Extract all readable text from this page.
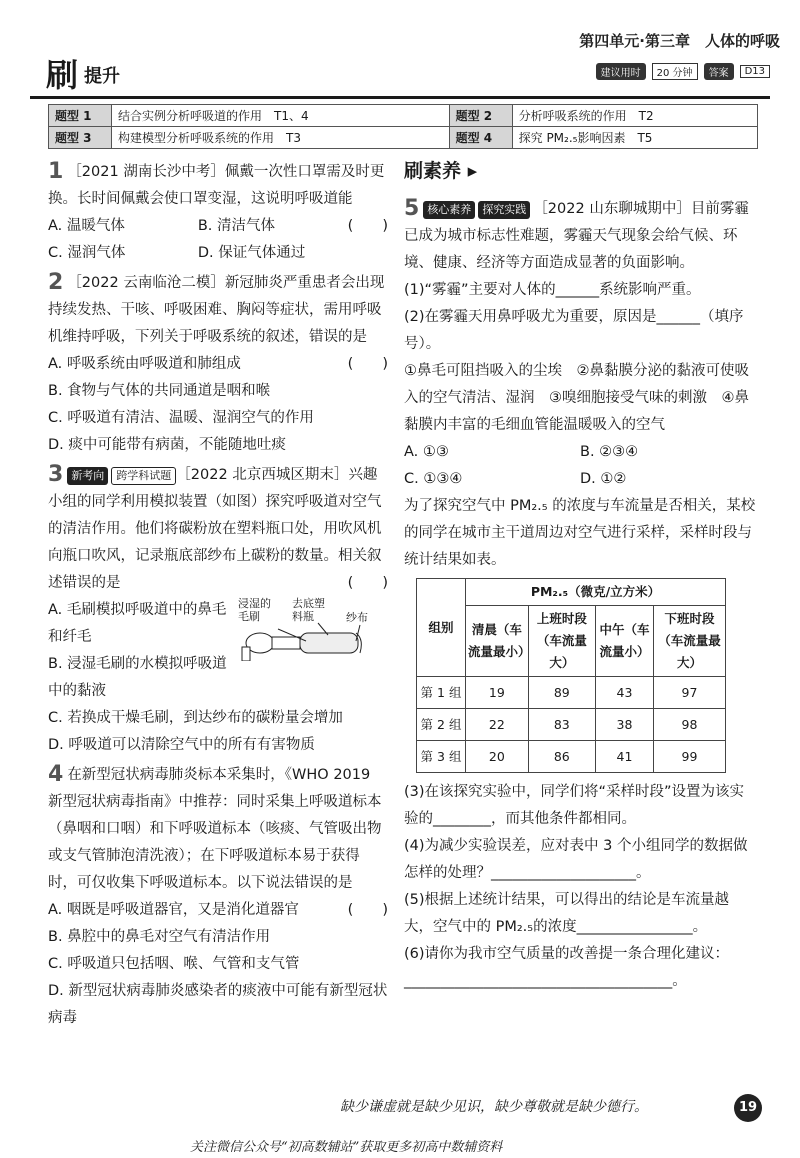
第四单元·第三章　人体的呼吸
刷 提升	建议用时	20 分钟	答案	D13
题型 1	结合实例分析呼吸道的作用　T1、4	题型 2	分析呼吸系统的作用　T2
题型 3	构建模型分析呼吸系统的作用　T3	题型 4	探究 PM₂.₅影响因素　T5

1 ［2021 湖南长沙中考］佩戴一次性口罩需及时更换。长时间佩戴会使口罩变湿，这说明呼吸道能
(　　)

A. 温暖气体	B. 清洁气体
C. 湿润气体	D. 保证气体通过

2 ［2022 云南临沧二模］新冠肺炎严重患者会出现持续发热、干咳、呼吸困难、胸闷等症状，需用呼吸机维持呼吸，下列关于呼吸系统的叙述，错误的是
(　　)

A. 呼吸系统由呼吸道和肺组成

B. 食物与气体的共同通道是咽和喉

C. 呼吸道有清洁、温暖、湿润空气的作用

D. 痰中可能带有病菌，不能随地吐痰

3 新考向 跨学科试题 ［2022 北京西城区期末］兴趣小组的同学利用模拟装置（如图）探究呼吸道对空气的清洁作用。他们将碳粉放在塑料瓶口处，用吹风机向瓶口吹风，记录瓶底部纱布上碳粉的数量。相关叙述错误的是	(　　)

A. 毛刷模拟呼吸道中的鼻毛和纤毛

B. 浸湿毛刷的水模拟呼吸道中的黏液

浸湿的毛刷
去底塑料瓶	纱布

C. 若换成干燥毛刷，到达纱布的碳粉量会增加

D. 呼吸道可以清除空气中的所有有害物质

4 在新型冠状病毒肺炎标本采集时，《WHO 2019 新型冠状病毒指南》中推荐：同时采集上呼吸道标本（鼻咽和口咽）和下呼吸道标本（咳痰、气管吸出物或支气管肺泡清洗液）；在下呼吸道标本易于获得时，可仅收集下呼吸道标本。以下说法错误的是
(　　)

A. 咽既是呼吸道器官，又是消化道器官

B. 鼻腔中的鼻毛对空气有清洁作用

C. 呼吸道只包括咽、喉、气管和支气管

D. 新型冠状病毒肺炎感染者的痰液中可能有新型冠状病毒

刷素养 ▸

5 核心素养 探究实践 ［2022 山东聊城期中］目前雾霾已成为城市标志性难题，雾霾天气现象会给气候、环境、健康、经济等方面造成显著的负面影响。

(1)“雾霾”主要对人体的______系统影响严重。

(2)在雾霾天用鼻呼吸尤为重要，原因是______（填序号）。

①鼻毛可阻挡吸入的尘埃　②鼻黏膜分泌的黏液可使吸入的空气清洁、湿润　③嗅细胞接受气味的刺激　④鼻黏膜内丰富的毛细血管能温暖吸入的空气

A. ①③	B. ②③④
C. ①③④	D. ①②

为了探究空气中 PM₂.₅ 的浓度与车流量是否相关，某校的同学在城市主干道周边对空气进行采样，采样时段与统计结果如表。

组别	PM₂.₅（微克/立方米）			
	清晨（车流量最小）	上班时段（车流量大）	中午（车流量小）	下班时段（车流量最大）
第 1 组	19	89	43	97
第 2 组	22	83	38	98
第 3 组	20	86	41	99

(3)在该探究实验中，同学们将“采样时段”设置为该实验的________，而其他条件都相同。

(4)为减少实验误差，应对表中 3 个小组同学的数据做怎样的处理？____________________。

(5)根据上述统计结果，可以得出的结论是车流量越大，空气中的 PM₂.₅的浓度________________。

(6)请你为我市空气质量的改善提一条合理化建议：_____________________________________。

缺少谦虚就是缺少见识，缺少尊敬就是缺少德行。	19
关注微信公众号“初高数辅站”获取更多初高中数辅资料
